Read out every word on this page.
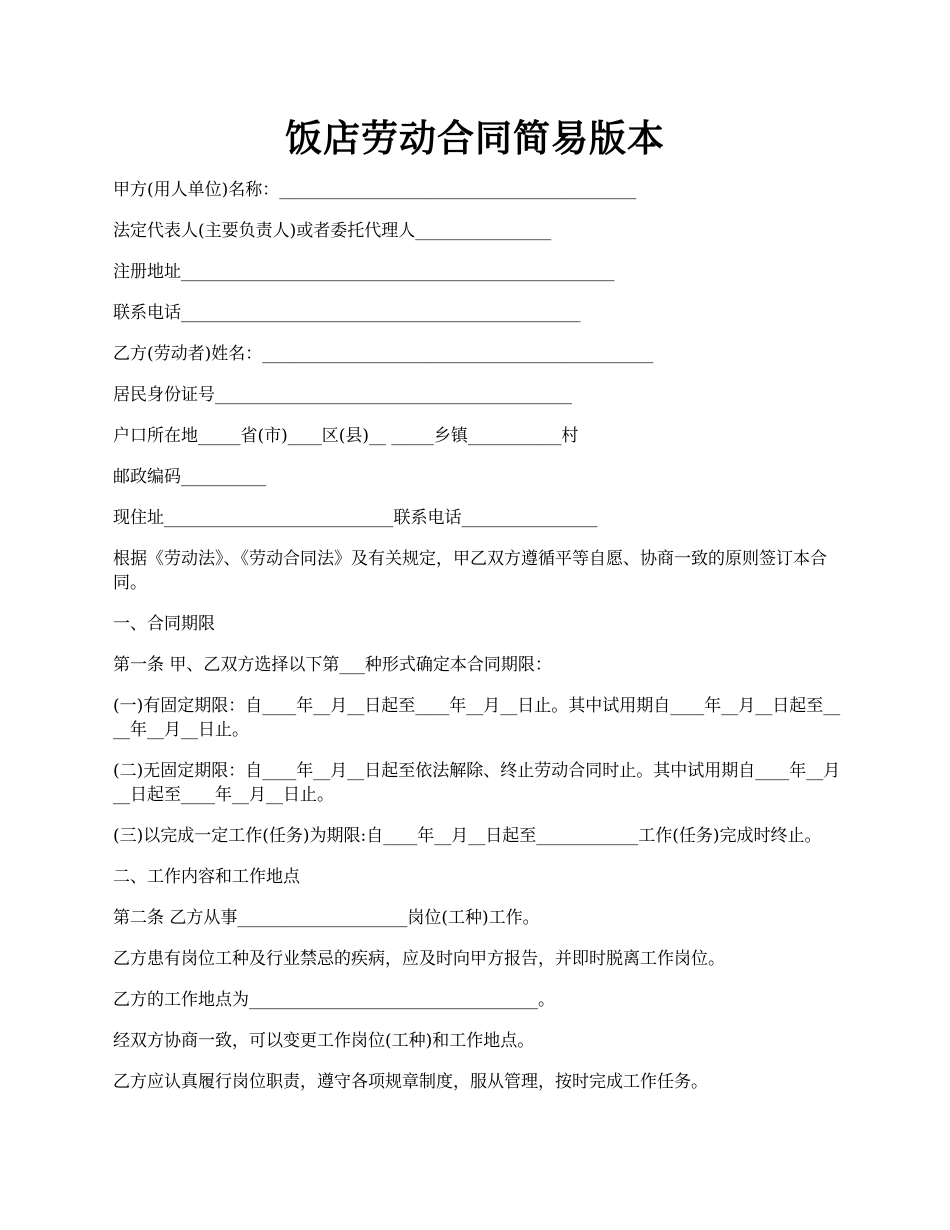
饭店劳动合同简易版本

甲方(用人单位)名称：__________________________________________

法定代表人(主要负责人)或者委托代理人________________

注册地址___________________________________________________

联系电话_______________________________________________

乙方(劳动者)姓名：______________________________________________

居民身份证号__________________________________________

户口所在地_____省(市)____区(县)__ _____乡镇___________村

邮政编码__________

现住址___________________________联系电话________________

根据《劳动法》、《劳动合同法》及有关规定，甲乙双方遵循平等自愿、协商一致的原则签订本合同。

一、合同期限

第一条 甲、乙双方选择以下第___种形式确定本合同期限：

(一)有固定期限：自____年__月__日起至____年__月__日止。其中试用期自____年__月__日起至____年__月__日止。

(二)无固定期限：自____年__月__日起至依法解除、终止劳动合同时止。其中试用期自____年__月__日起至____年__月__日止。

(三)以完成一定工作(任务)为期限:自____年__月__日起至____________工作(任务)完成时终止。

二、工作内容和工作地点

第二条 乙方从事____________________岗位(工种)工作。

乙方患有岗位工种及行业禁忌的疾病，应及时向甲方报告，并即时脱离工作岗位。

乙方的工作地点为__________________________________。

经双方协商一致，可以变更工作岗位(工种)和工作地点。

乙方应认真履行岗位职责，遵守各项规章制度，服从管理，按时完成工作任务。
